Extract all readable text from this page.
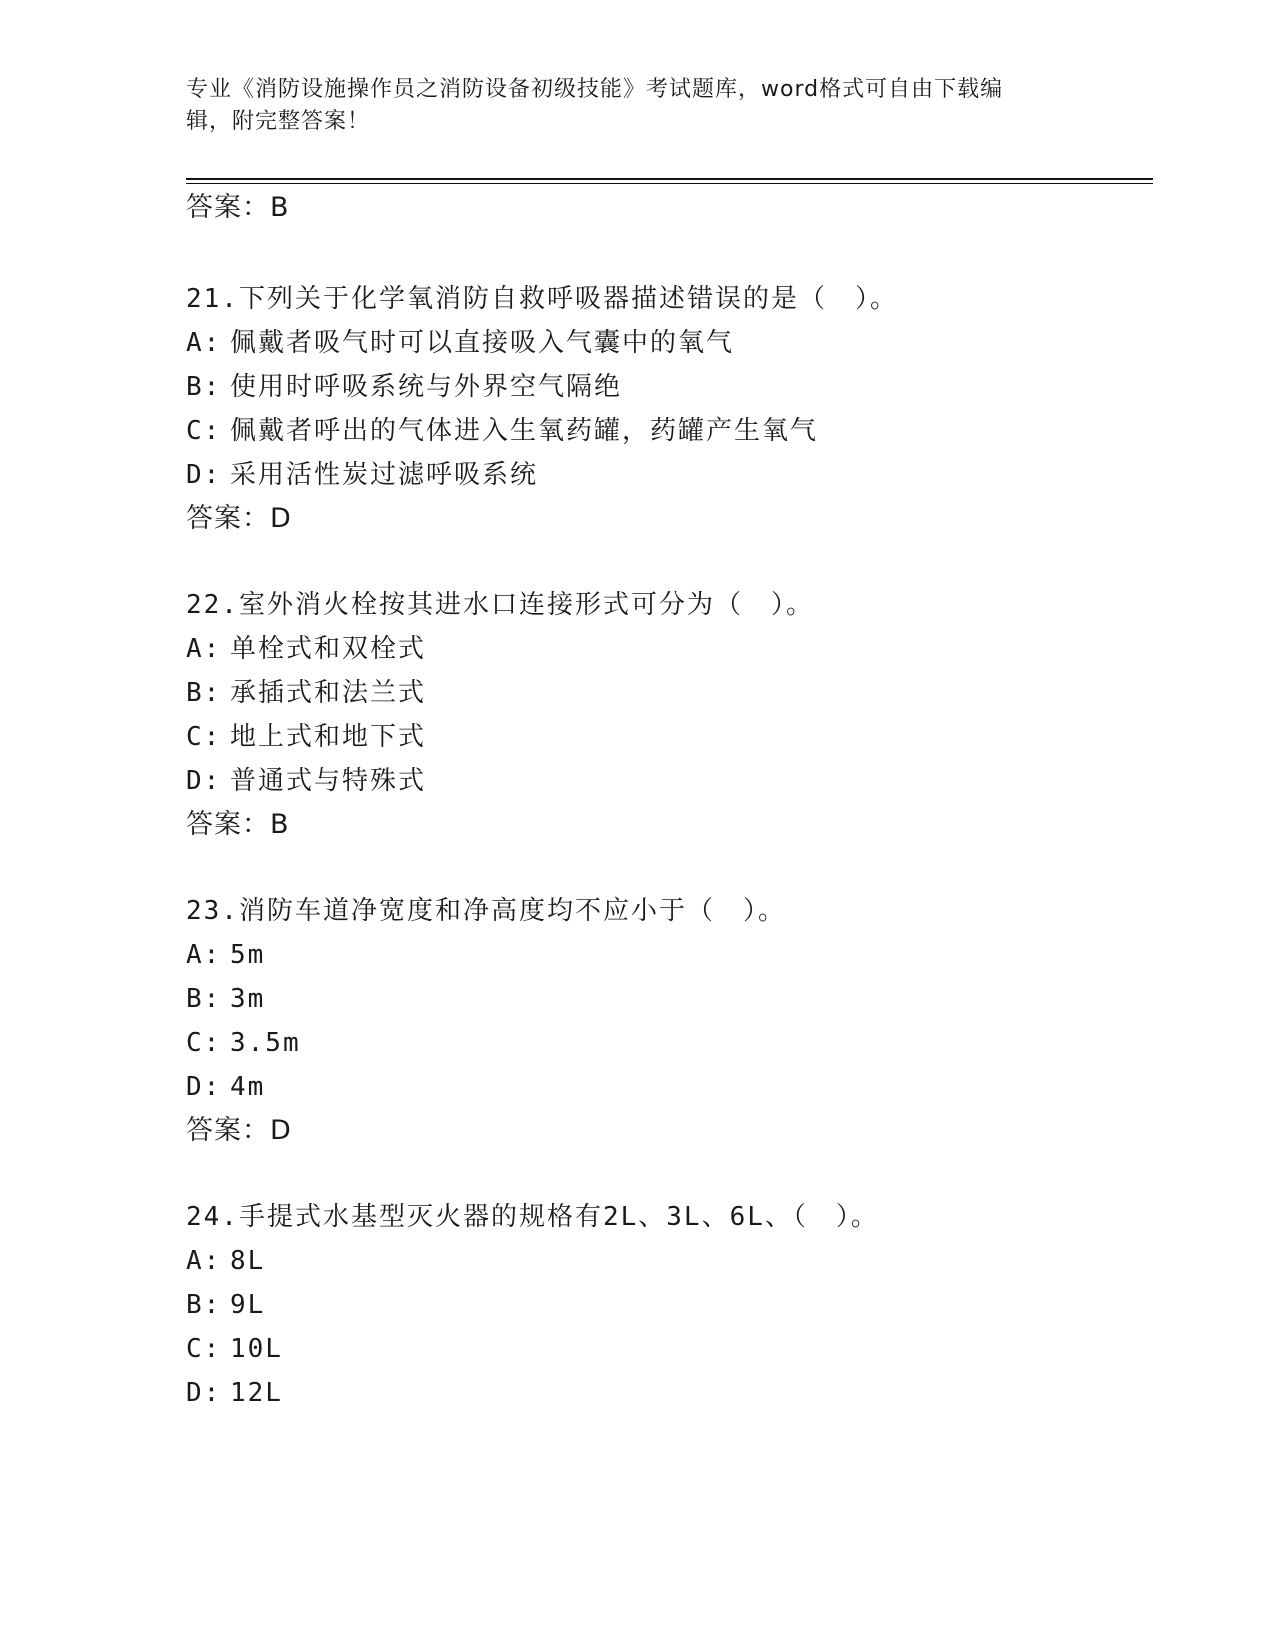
专业《消防设施操作员之消防设备初级技能》考试题库，word格式可自由下载编
辑，附完整答案！
答案：B
21.下列关于化学氧消防自救呼吸器描述错误的是（　）。
A: 佩戴者吸气时可以直接吸入气囊中的氧气
B: 使用时呼吸系统与外界空气隔绝
C: 佩戴者呼出的气体进入生氧药罐，药罐产生氧气
D: 采用活性炭过滤呼吸系统
答案：D
22.室外消火栓按其进水口连接形式可分为（　）。
A: 单栓式和双栓式
B: 承插式和法兰式
C: 地上式和地下式
D: 普通式与特殊式
答案：B
23.消防车道净宽度和净高度均不应小于（　）。
A: 5m
B: 3m
C: 3.5m
D: 4m
答案：D
24.手提式水基型灭火器的规格有2L、3L、6L、（　）。
A: 8L
B: 9L
C: 10L
D: 12L
